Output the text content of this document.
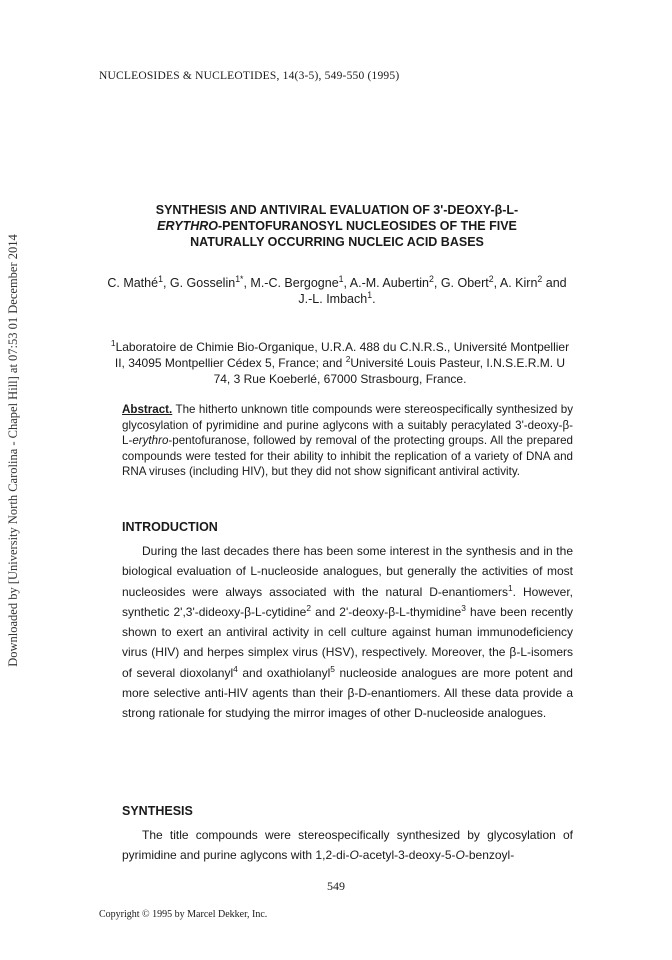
Downloaded by [University North Carolina - Chapel Hill] at 07:53 01 December 2014
NUCLEOSIDES & NUCLEOTIDES, 14(3-5), 549-550 (1995)
SYNTHESIS AND ANTIVIRAL EVALUATION OF 3'-DEOXY-β-L-
ERYTHRO-PENTOFURANOSYL NUCLEOSIDES OF THE FIVE
NATURALLY OCCURRING NUCLEIC ACID BASES
C. Mathé$^1$, G. Gosselin$^{1*}$, M.-C. Bergogne$^1$, A.-M. Aubertin$^2$, G. Obert$^2$, A. Kirn$^2$ and J.-L. Imbach$^1$.
$^1$Laboratoire de Chimie Bio-Organique, U.R.A. 488 du C.N.R.S., Université Montpellier II, 34095 Montpellier Cédex 5, France; and $^2$Université Louis Pasteur, I.N.S.E.R.M. U 74, 3 Rue Koeberlé, 67000 Strasbourg, France.
Abstract. The hitherto unknown title compounds were stereospecifically synthesized by glycosylation of pyrimidine and purine aglycons with a suitably peracylated 3'-deoxy-β-L-erythro-pentofuranose, followed by removal of the protecting groups. All the prepared compounds were tested for their ability to inhibit the replication of a variety of DNA and RNA viruses (including HIV), but they did not show significant antiviral activity.
INTRODUCTION
During the last decades there has been some interest in the synthesis and in the biological evaluation of L-nucleoside analogues, but generally the activities of most nucleosides were always associated with the natural D-enantiomers$^1$. However, synthetic 2',3'-dideoxy-β-L-cytidine$^2$ and 2'-deoxy-β-L-thymidine$^3$ have been recently shown to exert an antiviral activity in cell culture against human immunodeficiency virus (HIV) and herpes simplex virus (HSV), respectively. Moreover, the β-L-isomers of several dioxolanyl$^4$ and oxathiolanyl$^5$ nucleoside analogues are more potent and more selective anti-HIV agents than their β-D-enantiomers. All these data provide a strong rationale for studying the mirror images of other D-nucleoside analogues.
SYNTHESIS
The title compounds were stereospecifically synthesized by glycosylation of pyrimidine and purine aglycons with 1,2-di-O-acetyl-3-deoxy-5-O-benzoyl-
549
Copyright © 1995 by Marcel Dekker, Inc.
